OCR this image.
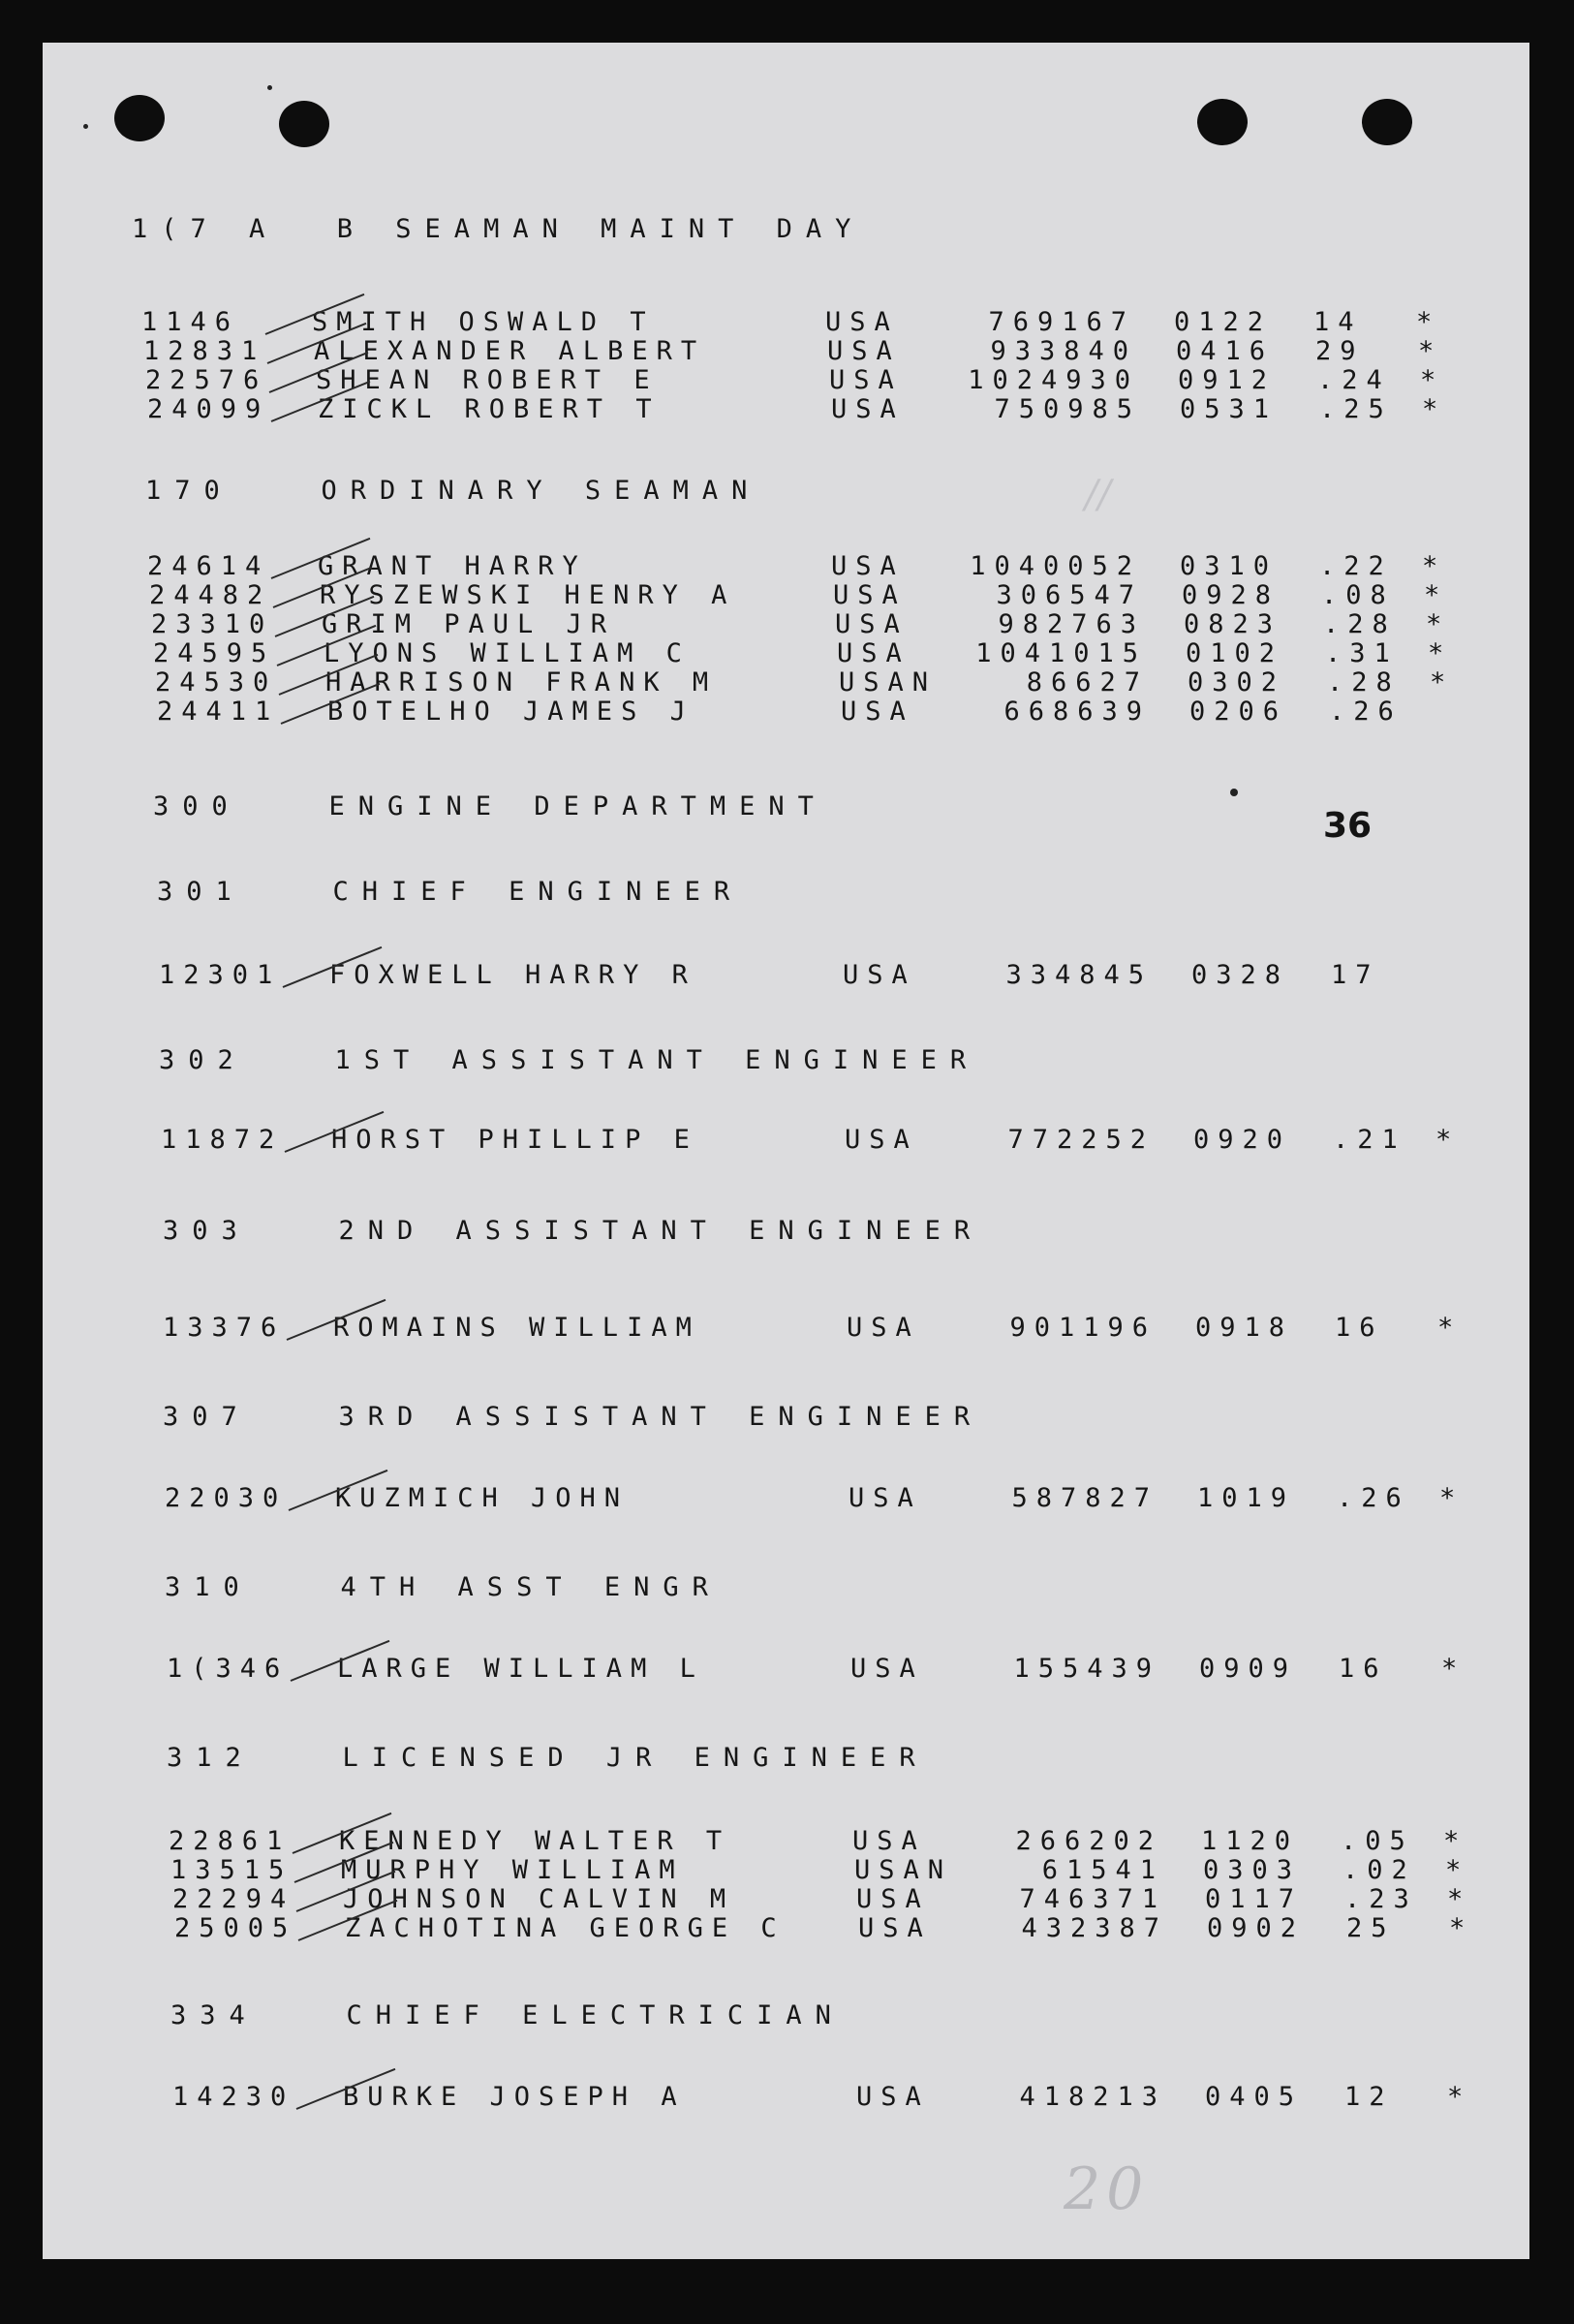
1(7 A  B SEAMAN MAINT DAY
1146	SMITH OSWALD T	USA	769167 0122 14 *
12831 ALEXANDER ALBERT	USA	933840 0416 29 *
22576 SHEAN ROBERT E	USA	1024930 0912 .24 *
24099 ZICKL ROBERT T	USA	750985 0531 .25 *
//
170   ORDINARY SEAMAN
24614 GRANT HARRY	USA	1040052 0310 .22 *
24482 RYSZEWSKI HENRY A	USA	306547 0928 .08 *
23310 GRIM PAUL JR	USA	982763 0823 .28 *
24595 LYONS WILLIAM C	USA	1041015 0102 .31 *
24530 HARRISON FRANK M	USAN	86627 0302 .28 *
24411 BOTELHO JAMES J	USA	668639 0206 .26
300   ENGINE DEPARTMENT	36
301   CHIEF ENGINEER
12301 FOXWELL HARRY R	USA	334845 0328 17
302   1ST ASSISTANT ENGINEER
11872 HORST PHILLIP E	USA	772252 0920 .21 *
303   2ND ASSISTANT ENGINEER
13376 ROMAINS WILLIAM	USA	901196 0918 16 *
307   3RD ASSISTANT ENGINEER
22030 KUZMICH JOHN	USA	587827 1019 .26 *
310   4TH ASST ENGR
1(346 LARGE WILLIAM L	USA	155439 0909 16 *
312   LICENSED JR ENGINEER
22861 KENNEDY WALTER T	USA	266202 1120 .05 *
13515 MURPHY WILLIAM	USAN	61541 0303 .02 *
22294 JOHNSON CALVIN M	USA	746371 0117 .23 *
25005 ZACHOTINA GEORGE C	USA	432387 0902 25 *
334   CHIEF ELECTRICIAN
14230 BURKE JOSEPH A	USA	418213 0405 12 *
20
